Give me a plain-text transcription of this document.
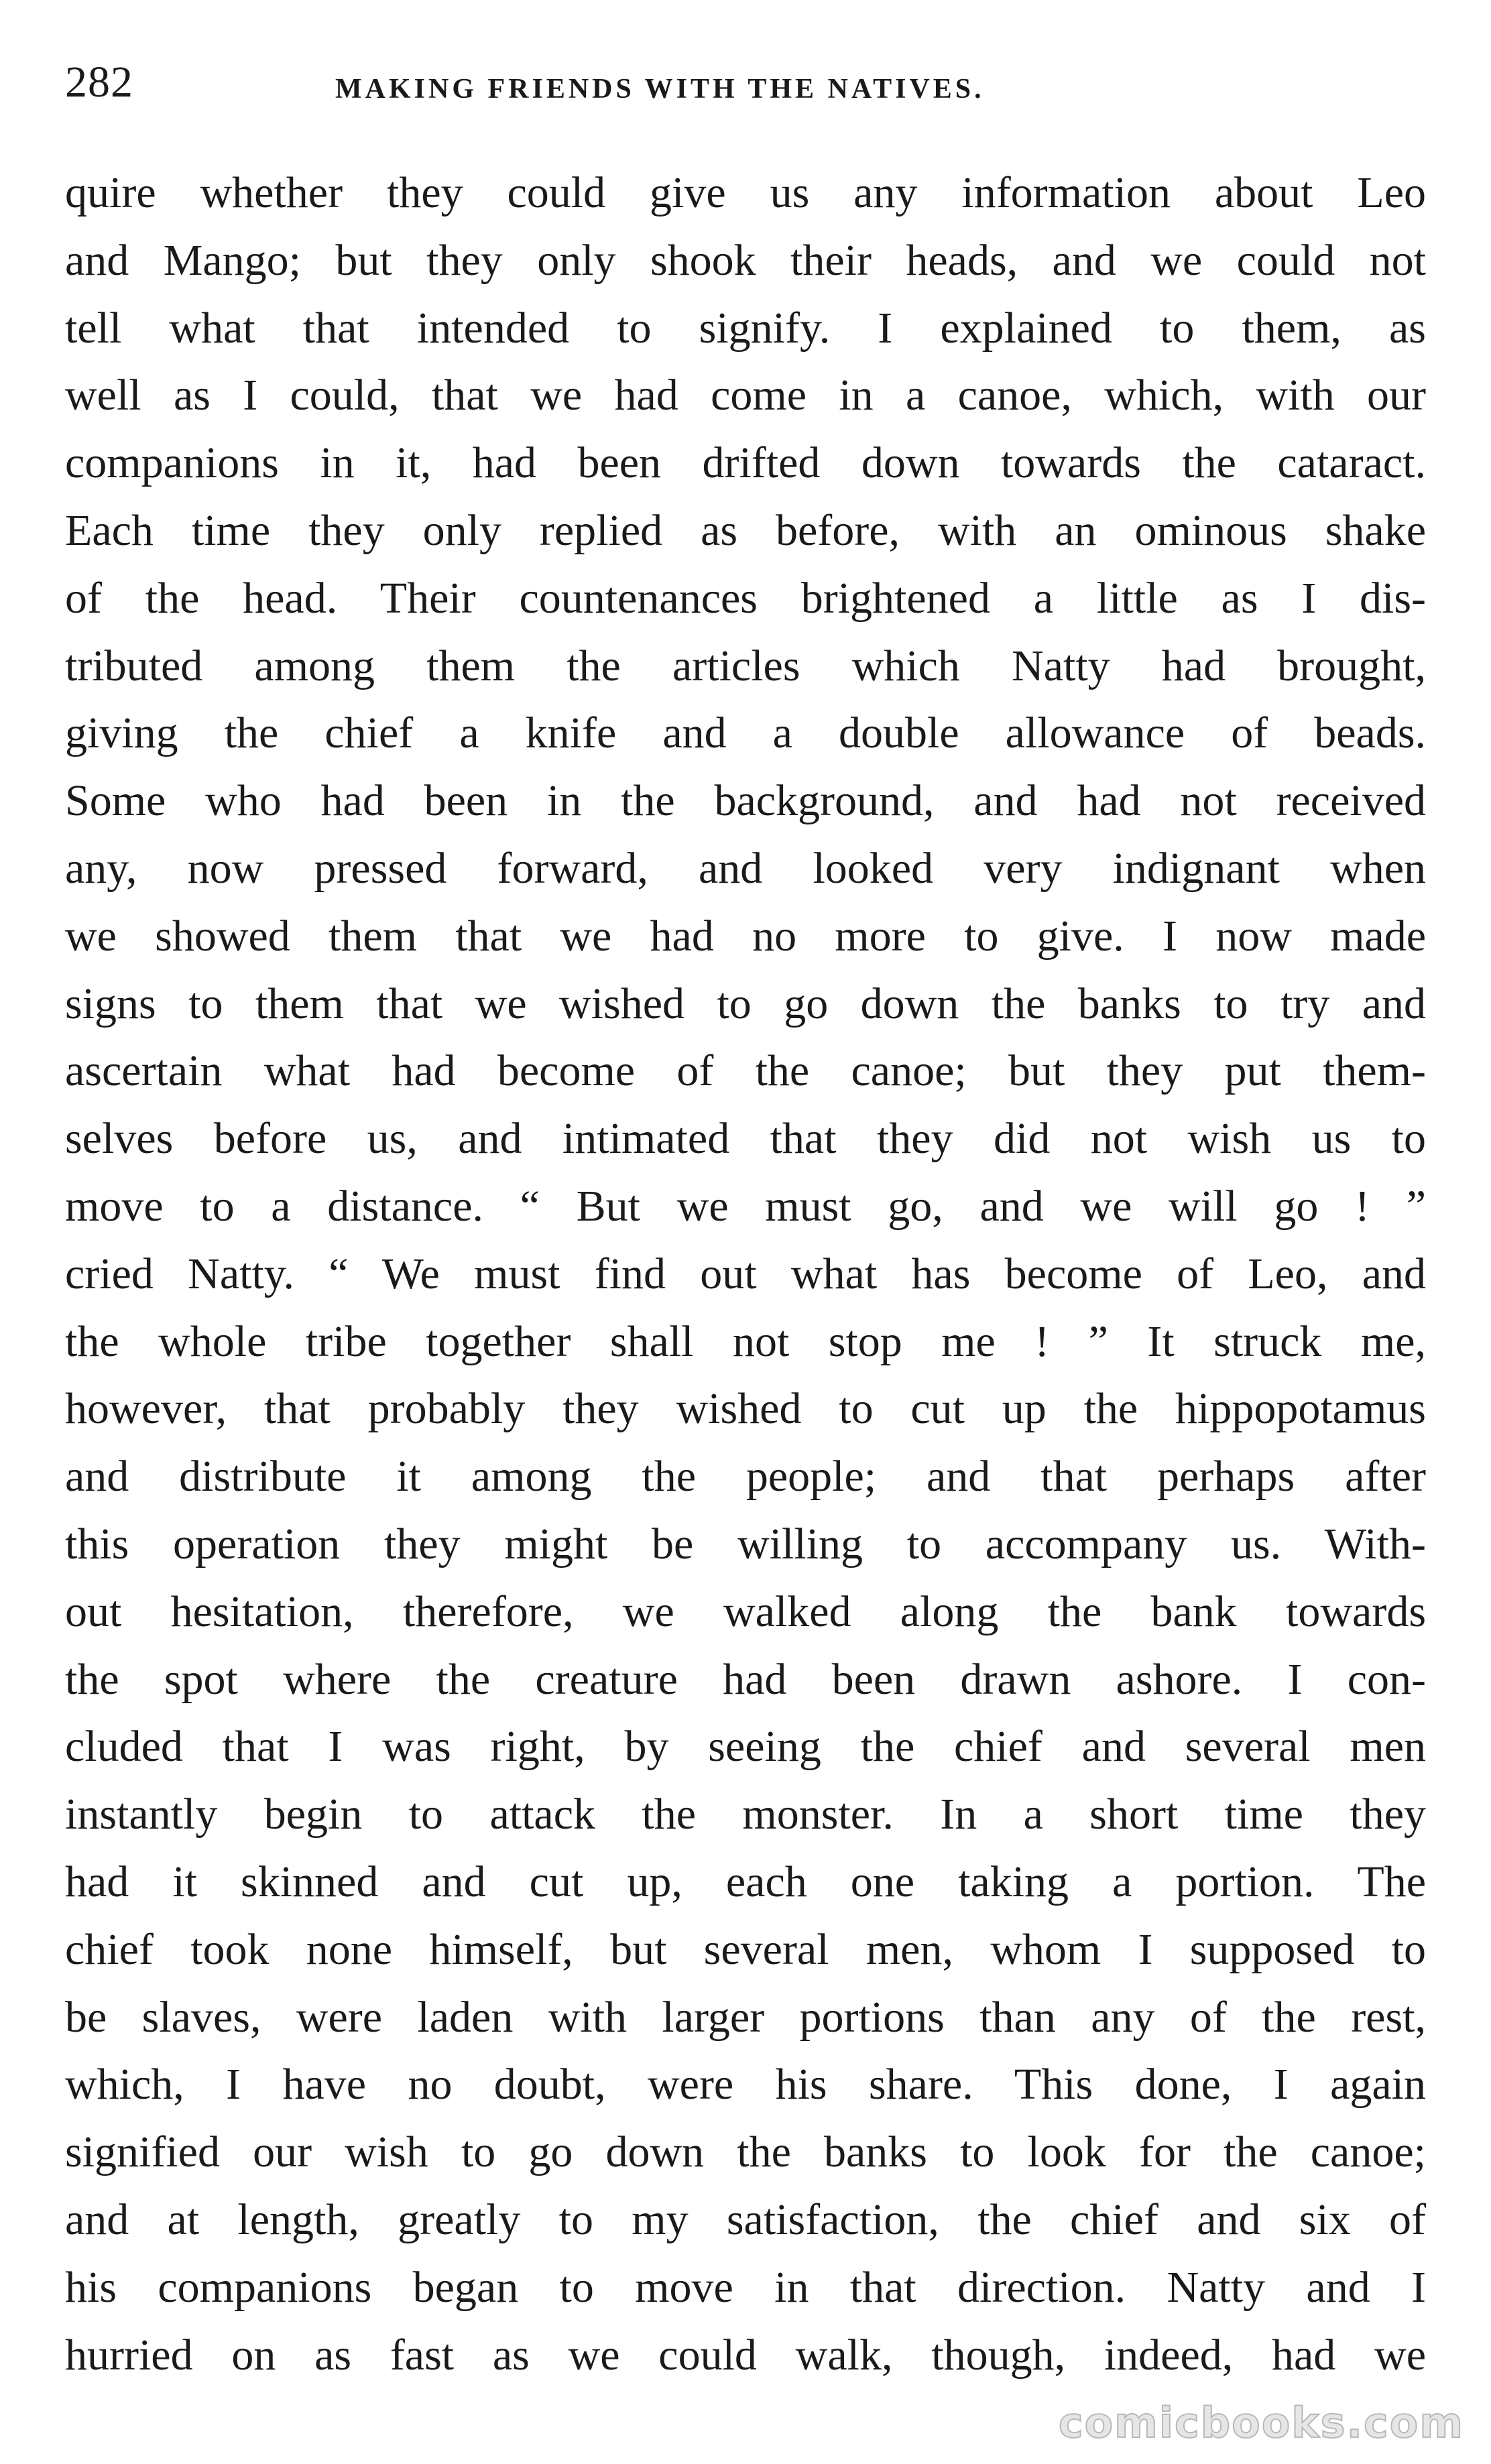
282	MAKING FRIENDS WITH THE NATIVES.
quire whether they could give us any information about Leo
and Mango; but they only shook their heads, and we could not
tell what that intended to signify. I explained to them, as
well as I could, that we had come in a canoe, which, with our
companions in it, had been drifted down towards the cataract.
Each time they only replied as before, with an ominous shake
of the head. Their countenances brightened a little as I dis-
tributed among them the articles which Natty had brought,
giving the chief a knife and a double allowance of beads.
Some who had been in the background, and had not received
any, now pressed forward, and looked very indignant when
we showed them that we had no more to give. I now made
signs to them that we wished to go down the banks to try and
ascertain what had become of the canoe; but they put them-
selves before us, and intimated that they did not wish us to
move to a distance. “ But we must go, and we will go ! ”
cried Natty. “ We must find out what has become of Leo, and
the whole tribe together shall not stop me ! ” It struck me,
however, that probably they wished to cut up the hippopotamus
and distribute it among the people; and that perhaps after
this operation they might be willing to accompany us. With-
out hesitation, therefore, we walked along the bank towards
the spot where the creature had been drawn ashore. I con-
cluded that I was right, by seeing the chief and several men
instantly begin to attack the monster. In a short time they
had it skinned and cut up, each one taking a portion. The
chief took none himself, but several men, whom I supposed to
be slaves, were laden with larger portions than any of the rest,
which, I have no doubt, were his share. This done, I again
signified our wish to go down the banks to look for the canoe;
and at length, greatly to my satisfaction, the chief and six of
his companions began to move in that direction. Natty and I
hurried on as fast as we could walk, though, indeed, had we
comicbooks.com
